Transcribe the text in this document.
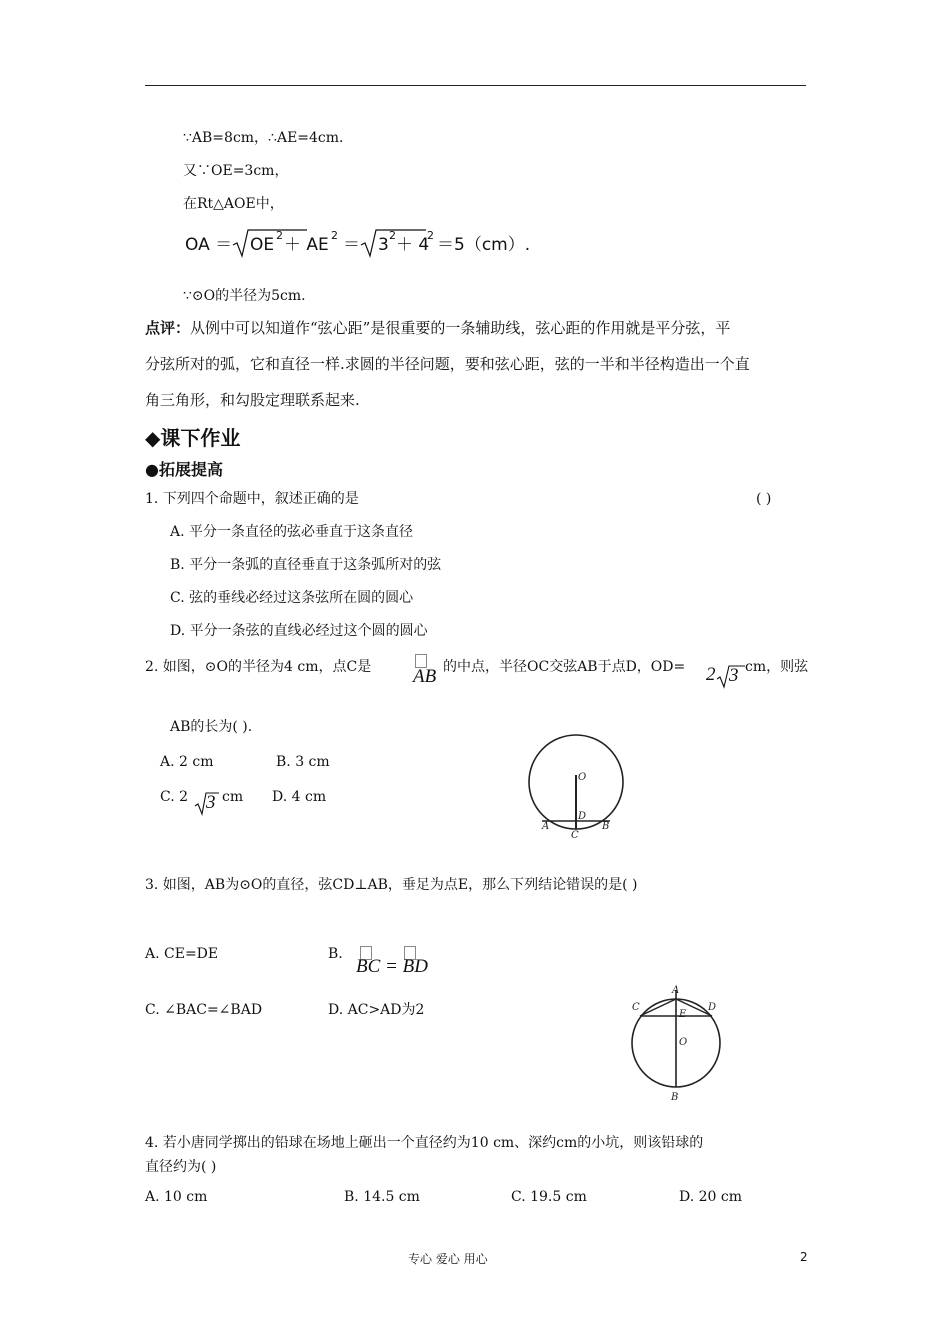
∵AB=8cm，∴AE=4cm.
又∵OE=3cm，
在Rt△AOE中，
OA ＝ OE 2 ＋ AE 2 ＝ 3 2 ＋ 4
2 ＝5（cm）.
∵⊙O的半径为5cm.
点评：从例中可以知道作“弦心距”是很重要的一条辅助线，弦心距的作用就是平分弦，平
分弦所对的弧，它和直径一样.求圆的半径问题，要和弦心距，弦的一半和半径构造出一个直
角三角形，和勾股定理联系起来.
◆课下作业
●拓展提高
1. 下列四个命题中，叙述正确的是	( )
A. 平分一条直径的弦必垂直于这条直径
B. 平分一条弧的直径垂直于这条弧所对的弦
C. 弦的垂线必经过这条弦所在圆的圆心
D. 平分一条弦的直线必经过这个圆的圆心
2. 如图，⊙O的半径为4 cm，点C是 AB 的中点，半径OC交弦AB于点D，OD= 2 3 cm，则弦
AB的长为( ).
A. 2 cm	B. 3 cm
C. 2 3 cm D. 4 cm
O
D
A
C
B
3. 如图，AB为⊙O的直径，弦CD⊥AB，垂足为点E，那么下列结论错误的是( )
A. CE=DE	B.
BC = BD
C. ∠BAC=∠BAD	D. AC>AD为2	C
A
D
E
O
B
4. 若小唐同学掷出的铅球在场地上砸出一个直径约为10 cm、深约cm的小坑，则该铅球的
直径约为( )
A. 10 cm	B. 14.5 cm	C. 19.5 cm	D. 20 cm
专心 爱心 用心	2
